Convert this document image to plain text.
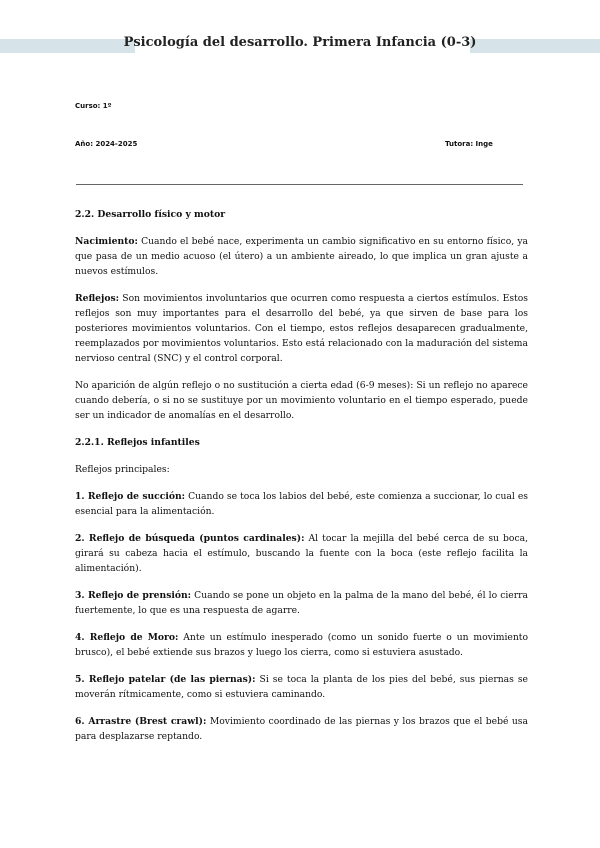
Psicología del desarrollo. Primera Infancia (0-3)
Curso: 1º
Año: 2024-2025	Tutora: Inge

2.2. Desarrollo físico y motor

Nacimiento: Cuando el bebé nace, experimenta un cambio significativo en su entorno físico, ya que pasa de un medio acuoso (el útero) a un ambiente aireado, lo que implica un gran ajuste a nuevos estímulos.

Reflejos: Son movimientos involuntarios que ocurren como respuesta a ciertos estímulos. Estos reflejos son muy importantes para el desarrollo del bebé, ya que sirven de base para los posteriores movimientos voluntarios. Con el tiempo, estos reflejos desaparecen gradualmente, reemplazados por movimientos voluntarios. Esto está relacionado con la maduración del sistema nervioso central (SNC) y el control corporal.

No aparición de algún reflejo o no sustitución a cierta edad (6-9 meses): Si un reflejo no aparece cuando debería, o si no se sustituye por un movimiento voluntario en el tiempo esperado, puede ser un indicador de anomalías en el desarrollo.

2.2.1. Reflejos infantiles

Reflejos principales:

1. Reflejo de succión: Cuando se toca los labios del bebé, este comienza a succionar, lo cual es esencial para la alimentación.

2. Reflejo de búsqueda (puntos cardinales): Al tocar la mejilla del bebé cerca de su boca, girará su cabeza hacia el estímulo, buscando la fuente con la boca (este reflejo facilita la alimentación).

3. Reflejo de prensión: Cuando se pone un objeto en la palma de la mano del bebé, él lo cierra fuertemente, lo que es una respuesta de agarre.

4. Reflejo de Moro: Ante un estímulo inesperado (como un sonido fuerte o un movimiento brusco), el bebé extiende sus brazos y luego los cierra, como si estuviera asustado.

5. Reflejo patelar (de las piernas): Si se toca la planta de los pies del bebé, sus piernas se moverán rítmicamente, como si estuviera caminando.

6. Arrastre (Brest crawl): Movimiento coordinado de las piernas y los brazos que el bebé usa para desplazarse reptando.
